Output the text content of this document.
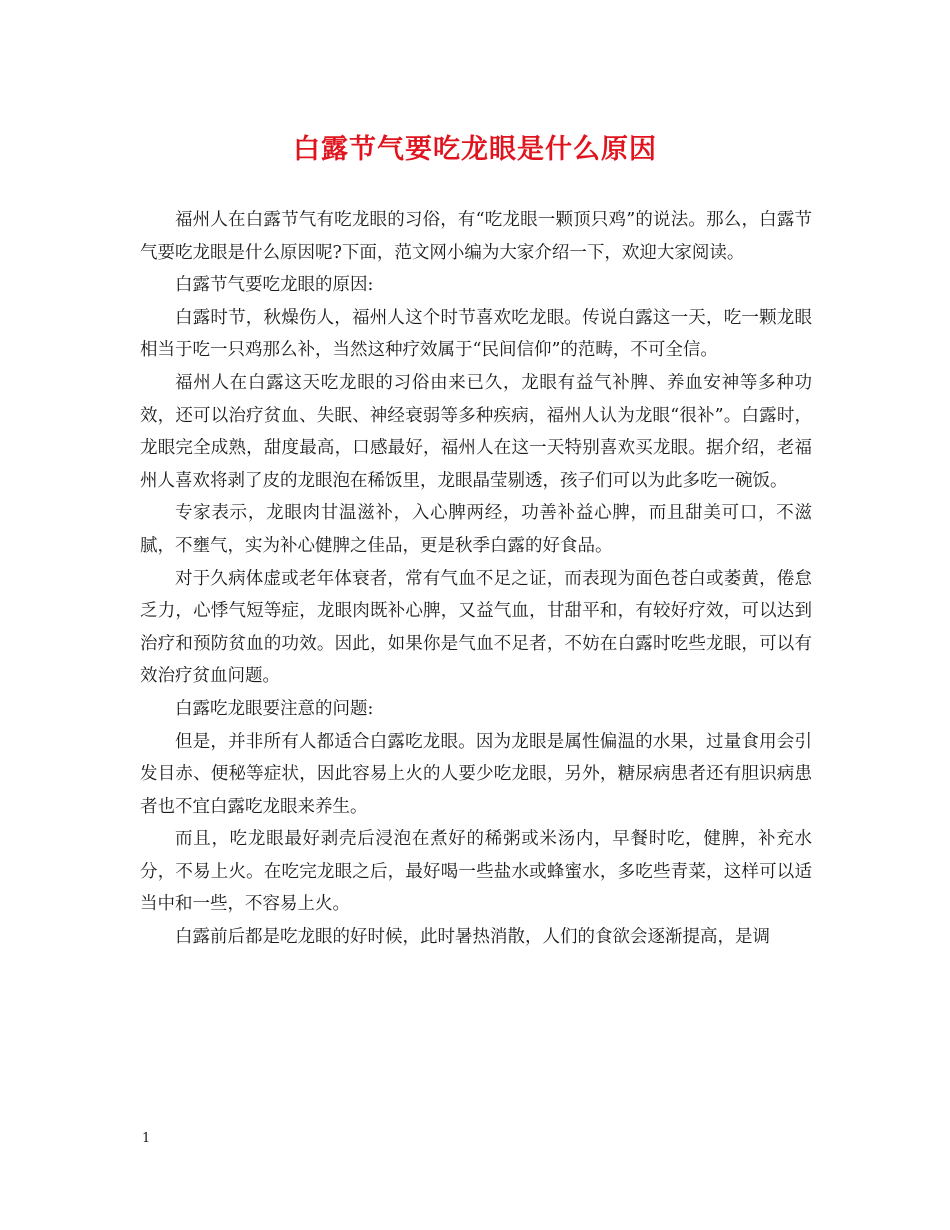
白露节气要吃龙眼是什么原因

福州人在白露节气有吃龙眼的习俗，有“吃龙眼一颗顶只鸡”的说法。那么，白露节气要吃龙眼是什么原因呢?下面，范文网小编为大家介绍一下，欢迎大家阅读。

白露节气要吃龙眼的原因:

白露时节，秋燥伤人，福州人这个时节喜欢吃龙眼。传说白露这一天，吃一颗龙眼相当于吃一只鸡那么补，当然这种疗效属于“民间信仰”的范畴，不可全信。

福州人在白露这天吃龙眼的习俗由来已久，龙眼有益气补脾、养血安神等多种功效，还可以治疗贫血、失眠、神经衰弱等多种疾病，福州人认为龙眼“很补”。白露时，龙眼完全成熟，甜度最高，口感最好，福州人在这一天特别喜欢买龙眼。据介绍，老福州人喜欢将剥了皮的龙眼泡在稀饭里，龙眼晶莹剔透，孩子们可以为此多吃一碗饭。

专家表示，龙眼肉甘温滋补，入心脾两经，功善补益心脾，而且甜美可口，不滋腻，不壅气，实为补心健脾之佳品，更是秋季白露的好食品。

对于久病体虚或老年体衰者，常有气血不足之证，而表现为面色苍白或萎黄，倦怠乏力，心悸气短等症，龙眼肉既补心脾，又益气血，甘甜平和，有较好疗效，可以达到治疗和预防贫血的功效。因此，如果你是气血不足者，不妨在白露时吃些龙眼，可以有效治疗贫血问题。

白露吃龙眼要注意的问题:

但是，并非所有人都适合白露吃龙眼。因为龙眼是属性偏温的水果，过量食用会引发目赤、便秘等症状，因此容易上火的人要少吃龙眼，另外，糖尿病患者还有胆识病患者也不宜白露吃龙眼来养生。

而且，吃龙眼最好剥壳后浸泡在煮好的稀粥或米汤内，早餐时吃，健脾，补充水分，不易上火。在吃完龙眼之后，最好喝一些盐水或蜂蜜水，多吃些青菜，这样可以适当中和一些，不容易上火。

白露前后都是吃龙眼的好时候，此时暑热消散，人们的食欲会逐渐提高，是调

1
